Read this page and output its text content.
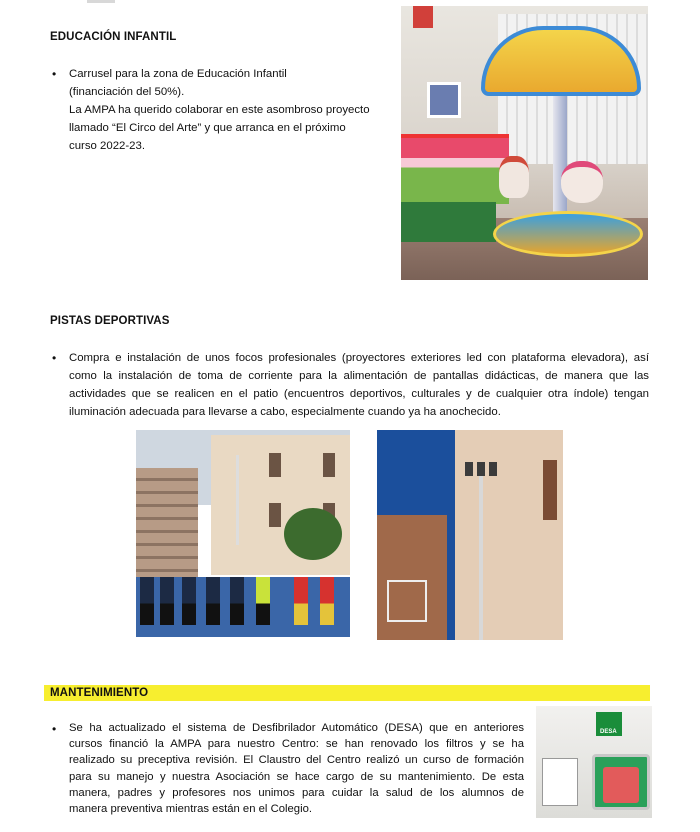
EDUCACIÓN INFANTIL
• Carrusel para la zona de Educación Infantil
(financiación del 50%).
La AMPA ha querido colaborar en este asombroso proyecto
llamado “El Circo del Arte” y que arranca en el próximo
curso 2022-23.
PISTAS DEPORTIVAS
• Compra e instalación de unos focos profesionales (proyectores exteriores led con plataforma elevadora), así
como la instalación de toma de corriente para la alimentación de pantallas didácticas, de manera que las
actividades que se realicen en el patio (encuentros deportivos, culturales y de cualquier otra índole) tengan
iluminación adecuada para llevarse a cabo, especialmente cuando ya ha anochecido.
MANTENIMIENTO
• Se ha actualizado el sistema de Desfibrilador Automático (DESA) que en anteriores
cursos financió la AMPA para nuestro Centro: se han renovado los filtros y se ha
realizado su preceptiva revisión. El Claustro del Centro realizó un curso de formación
para su manejo y nuestra Asociación se hace cargo de su mantenimiento. De esta
manera, padres y profesores nos unimos para cuidar la salud de los alumnos de
manera preventiva mientras están en el Colegio.
DESA
